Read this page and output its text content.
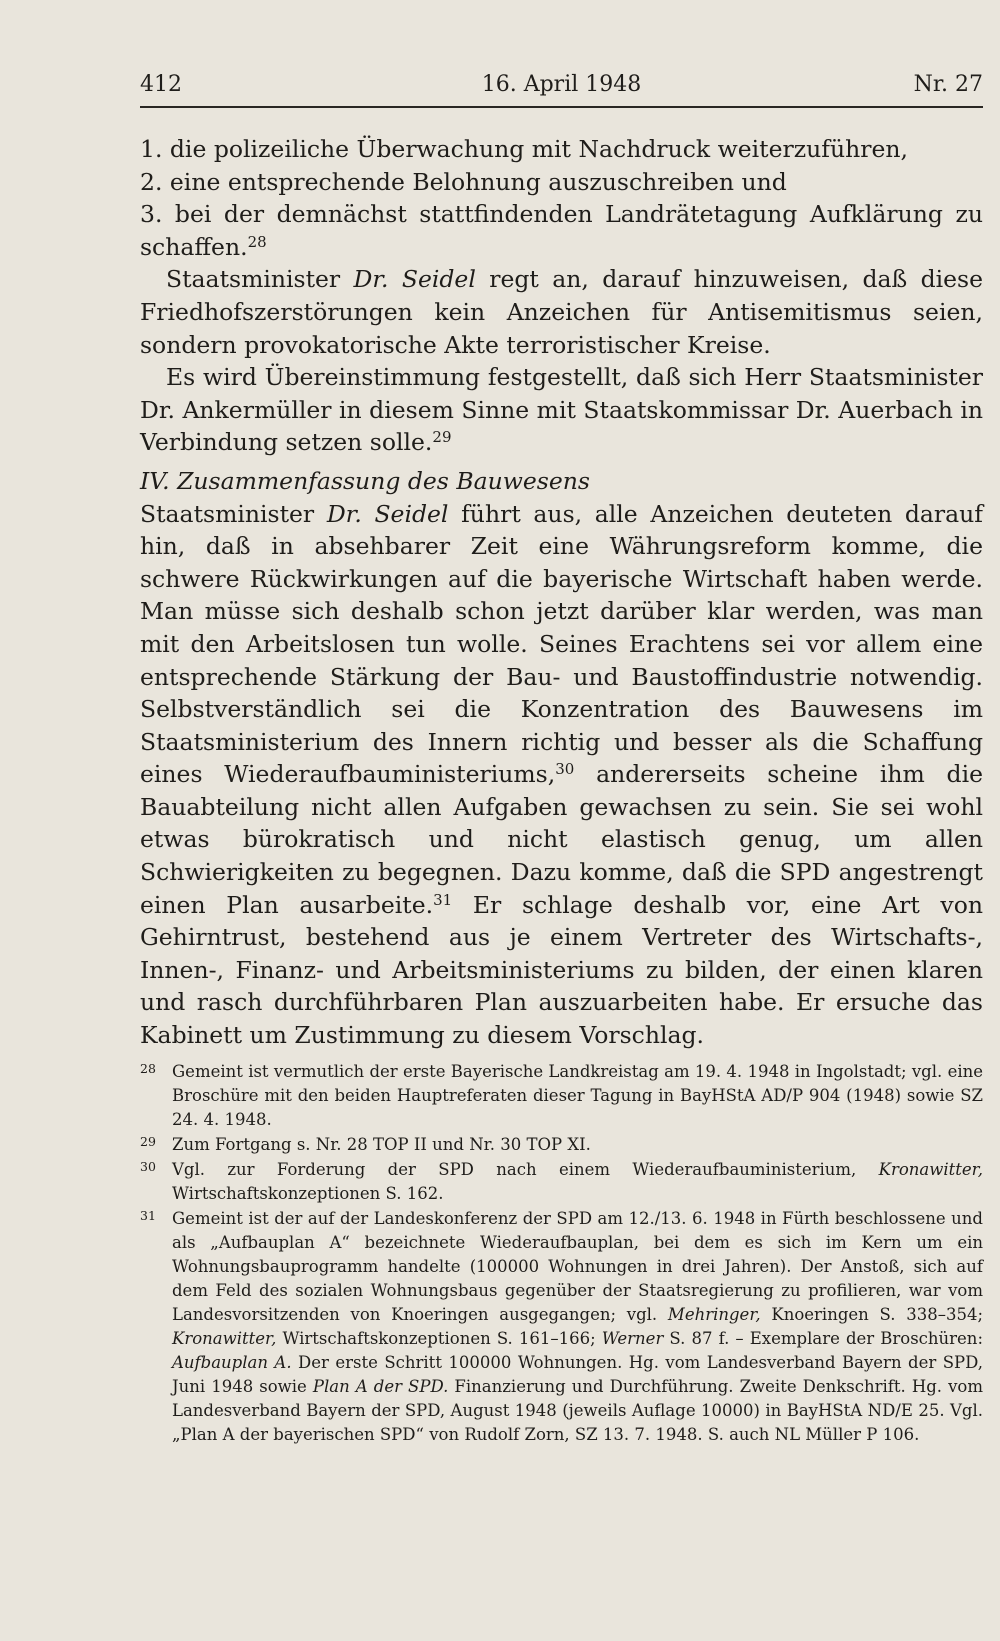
412	16. April 1948	Nr. 27

1. die polizeiliche Überwachung mit Nachdruck weiterzuführen,

2. eine entsprechende Belohnung auszuschreiben und

3. bei der demnächst stattfindenden Landrätetagung Aufklärung zu schaffen.$^{28}$

Staatsminister Dr. Seidel regt an, darauf hinzuweisen, daß diese Friedhofszerstörungen kein Anzeichen für Antisemitismus seien, sondern provokatorische Akte terroristischer Kreise.

Es wird Übereinstimmung festgestellt, daß sich Herr Staatsminister Dr. Ankermüller in diesem Sinne mit Staatskommissar Dr. Auerbach in Verbindung setzen solle.$^{29}$

IV. Zusammenfassung des Bauwesens

Staatsminister Dr. Seidel führt aus, alle Anzeichen deuteten darauf hin, daß in absehbarer Zeit eine Währungsreform komme, die schwere Rückwirkungen auf die bayerische Wirtschaft haben werde. Man müsse sich deshalb schon jetzt darüber klar werden, was man mit den Arbeitslosen tun wolle. Seines Erachtens sei vor allem eine entsprechende Stärkung der Bau- und Baustoffindustrie notwendig. Selbstverständlich sei die Konzentration des Bauwesens im Staatsministerium des Innern richtig und besser als die Schaffung eines Wiederaufbauministeriums,$^{30}$ andererseits scheine ihm die Bauabteilung nicht allen Aufgaben gewachsen zu sein. Sie sei wohl etwas bürokratisch und nicht elastisch genug, um allen Schwierigkeiten zu begegnen. Dazu komme, daß die SPD angestrengt einen Plan ausarbeite.$^{31}$ Er schlage deshalb vor, eine Art von Gehirntrust, bestehend aus je einem Vertreter des Wirtschafts-, Innen-, Finanz- und Arbeitsministeriums zu bilden, der einen klaren und rasch durchführbaren Plan auszuarbeiten habe. Er ersuche das Kabinett um Zustimmung zu diesem Vorschlag.

28 Gemeint ist vermutlich der erste Bayerische Landkreistag am 19. 4. 1948 in Ingolstadt; vgl. eine Broschüre mit den beiden Hauptreferaten dieser Tagung in BayHStA AD/P 904 (1948) sowie SZ 24. 4. 1948.

29 Zum Fortgang s. Nr. 28 TOP II und Nr. 30 TOP XI.

30 Vgl. zur Forderung der SPD nach einem Wiederaufbauministerium, Kronawitter, Wirtschaftskonzeptionen S. 162.

31 Gemeint ist der auf der Landeskonferenz der SPD am 12./13. 6. 1948 in Fürth beschlossene und als „Aufbauplan A“ bezeichnete Wiederaufbauplan, bei dem es sich im Kern um ein Wohnungsbauprogramm handelte (100000 Wohnungen in drei Jahren). Der Anstoß, sich auf dem Feld des sozialen Wohnungsbaus gegenüber der Staatsregierung zu profilieren, war vom Landesvorsitzenden von Knoeringen ausgegangen; vgl. Mehringer, Knoeringen S. 338–354; Kronawitter, Wirtschaftskonzeptionen S. 161–166; Werner S. 87 f. – Exemplare der Broschüren: Aufbauplan A. Der erste Schritt 100000 Wohnungen. Hg. vom Landesverband Bayern der SPD, Juni 1948 sowie Plan A der SPD. Finanzierung und Durchführung. Zweite Denkschrift. Hg. vom Landesverband Bayern der SPD, August 1948 (jeweils Auflage 10000) in BayHStA ND/E 25. Vgl. „Plan A der bayerischen SPD“ von Rudolf Zorn, SZ 13. 7. 1948. S. auch NL Müller P 106.
